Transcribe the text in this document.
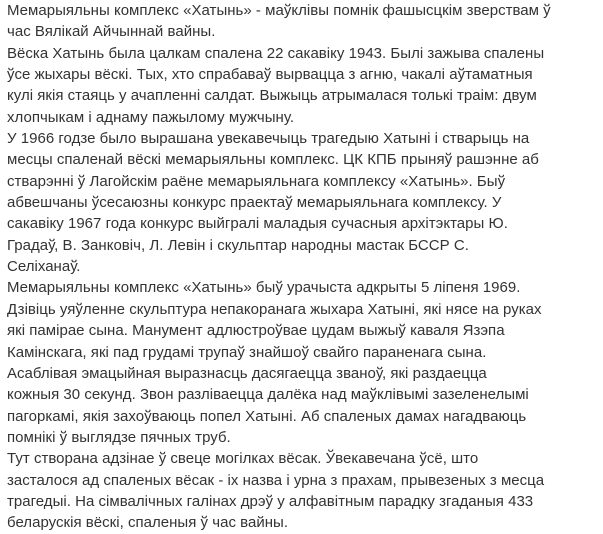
Мемарыяльны комплекс «Хатынь» - маўклівы помнік фашысцкім зверствам ў
час Вялікай Айчыннай вайны.
Вёска Хатынь была цалкам спалена 22 сакавіку 1943. Былі зажыва спалены
ўсе жыхары вёскі. Тых, хто спрабаваў вырвацца з агню, чакалі аўтаматныя
кулі якія стаяць у ачапленні салдат. Выжыць атрымалася толькі траім: двум
хлопчыкам і аднаму пажылому мужчыну.
У 1966 годзе было вырашана увекавечыць трагедыю Хатыні і стварыць на
месцы спаленай вёскі мемарыяльны комплекс. ЦК КПБ прыняў рашэнне аб
стварэнні ў Лагойскім раёне мемарыяльнага комплексу «Хатынь». Быў
абвешчаны ўсесаюзны конкурс праектаў мемарыяльнага комплексу. У
сакавіку 1967 года конкурс выйгралі маладыя сучасныя архітэктары Ю.
Градаў, В. Занковіч, Л. Левін і скульптар народны мастак БССР С.
Селіханаў.
Мемарыяльны комплекс «Хатынь» быў урачыста адкрыты 5 ліпеня 1969.
Дзівіць уяўленне скульптура непакоранага жыхара Хатыні, які нясе на руках
які паміраe сына. Манумент адлюстроўвае цудам выжыў каваля Язэпа
Камінскага, які пад грудамі трупаў знайшоў свайго параненага сына.
Асаблівая эмацыйная выразнасць дасягаецца званоў, які раздаецца
кожныя 30 секунд. Звон разліваецца далёка над маўклівымі зазеленелымі
пагоркамі, якія захоўваюць попел Хатыні. Аб спаленых дамах нагадваюць
помнікі ў выглядзе пячных труб.
Тут створана адзінае ў свеце могілках вёсак. Ўвекавечана ўсё, што
засталося ад спаленых вёсак - іх назва і урна з прахам, прывезеных з месца
трагедыі. На сімвалічных галінах дрэў у алфавітным парадку згаданыя 433
беларускія вёскі, спаленыя ў час вайны.
